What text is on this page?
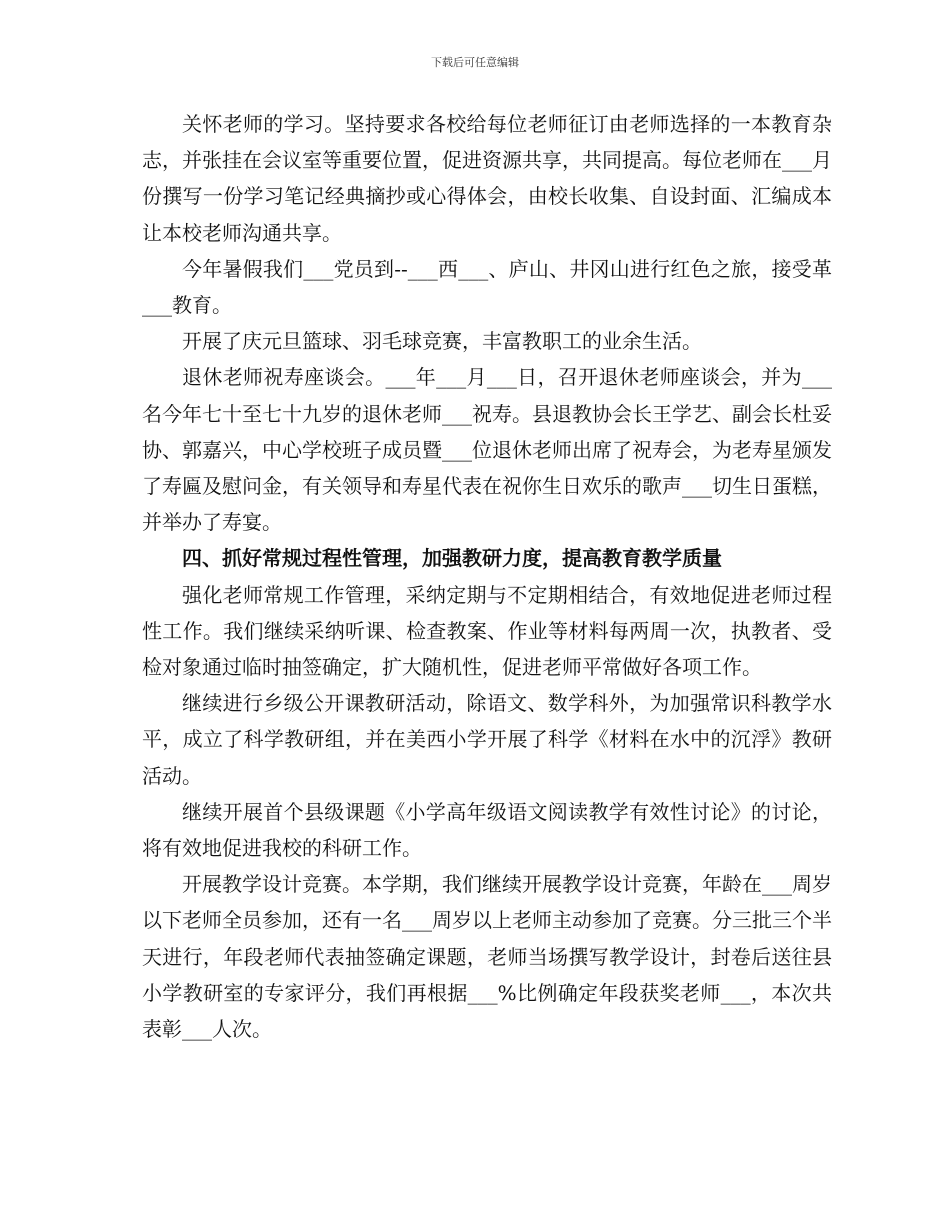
下载后可任意编辑

关怀老师的学习。坚持要求各校给每位老师征订由老师选择的一本教育杂志，并张挂在会议室等重要位置，促进资源共享，共同提高。每位老师在___月份撰写一份学习笔记经典摘抄或心得体会，由校长收集、自设封面、汇编成本让本校老师沟通共享。

今年暑假我们___党员到--___西___、庐山、井冈山进行红色之旅，接受革___教育。

开展了庆元旦篮球、羽毛球竞赛，丰富教职工的业余生活。

退休老师祝寿座谈会。___年___月___日，召开退休老师座谈会，并为___名今年七十至七十九岁的退休老师___祝寿。县退教协会长王学艺、副会长杜妥协、郭嘉兴，中心学校班子成员暨___位退休老师出席了祝寿会，为老寿星颁发了寿匾及慰问金，有关领导和寿星代表在祝你生日欢乐的歌声___切生日蛋糕，并举办了寿宴。

四、抓好常规过程性管理，加强教研力度，提高教育教学质量

强化老师常规工作管理，采纳定期与不定期相结合，有效地促进老师过程性工作。我们继续采纳听课、检查教案、作业等材料每两周一次，执教者、受检对象通过临时抽签确定，扩大随机性，促进老师平常做好各项工作。

继续进行乡级公开课教研活动，除语文、数学科外，为加强常识科教学水平，成立了科学教研组，并在美西小学开展了科学《材料在水中的沉浮》教研活动。

继续开展首个县级课题《小学高年级语文阅读教学有效性讨论》的讨论，将有效地促进我校的科研工作。

开展教学设计竞赛。本学期，我们继续开展教学设计竞赛，年龄在___周岁以下老师全员参加，还有一名___周岁以上老师主动参加了竞赛。分三批三个半天进行，年段老师代表抽签确定课题，老师当场撰写教学设计，封卷后送往县小学教研室的专家评分，我们再根据___%比例确定年段获奖老师___，本次共表彰___人次。
